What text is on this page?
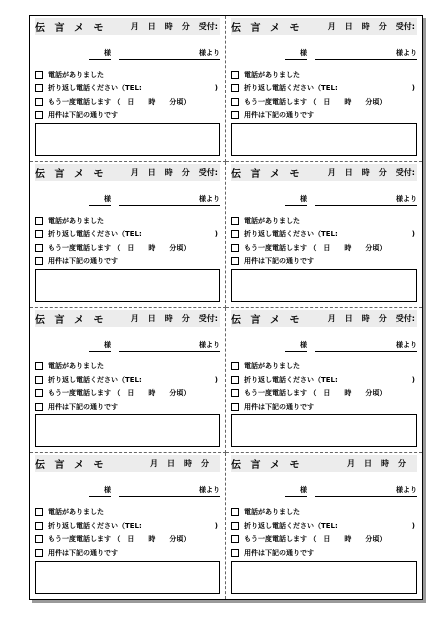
伝 言 メ モ	月 日 時 分 受付:
様	様より
電話がありました
折り返し電話ください（TEL:	)
もう一度電話します （　日　　時　　分頃）
用件は下記の通りです
伝 言 メ モ	月 日 時 分 受付:
様	様より
電話がありました
折り返し電話ください（TEL:	)
もう一度電話します （　日　　時　　分頃）
用件は下記の通りです
伝 言 メ モ	月 日 時 分 受付:
様	様より
電話がありました
折り返し電話ください（TEL:	)
もう一度電話します （　日　　時　　分頃）
用件は下記の通りです
伝 言 メ モ	月 日 時 分 受付:
様	様より
電話がありました
折り返し電話ください（TEL:	)
もう一度電話します （　日　　時　　分頃）
用件は下記の通りです
伝 言 メ モ	月 日 時 分 受付:
様	様より
電話がありました
折り返し電話ください（TEL:	)
もう一度電話します （　日　　時　　分頃）
用件は下記の通りです
伝 言 メ モ	月 日 時 分 受付:
様	様より
電話がありました
折り返し電話ください（TEL:	)
もう一度電話します （　日　　時　　分頃）
用件は下記の通りです
伝 言 メ モ	月 日 時 分
様	様より
電話がありました
折り返し電話ください（TEL:	)
もう一度電話します （　日　　時　　分頃）
用件は下記の通りです
伝 言 メ モ	月 日 時 分
様	様より
電話がありました
折り返し電話ください（TEL:	)
もう一度電話します （　日　　時　　分頃）
用件は下記の通りです
